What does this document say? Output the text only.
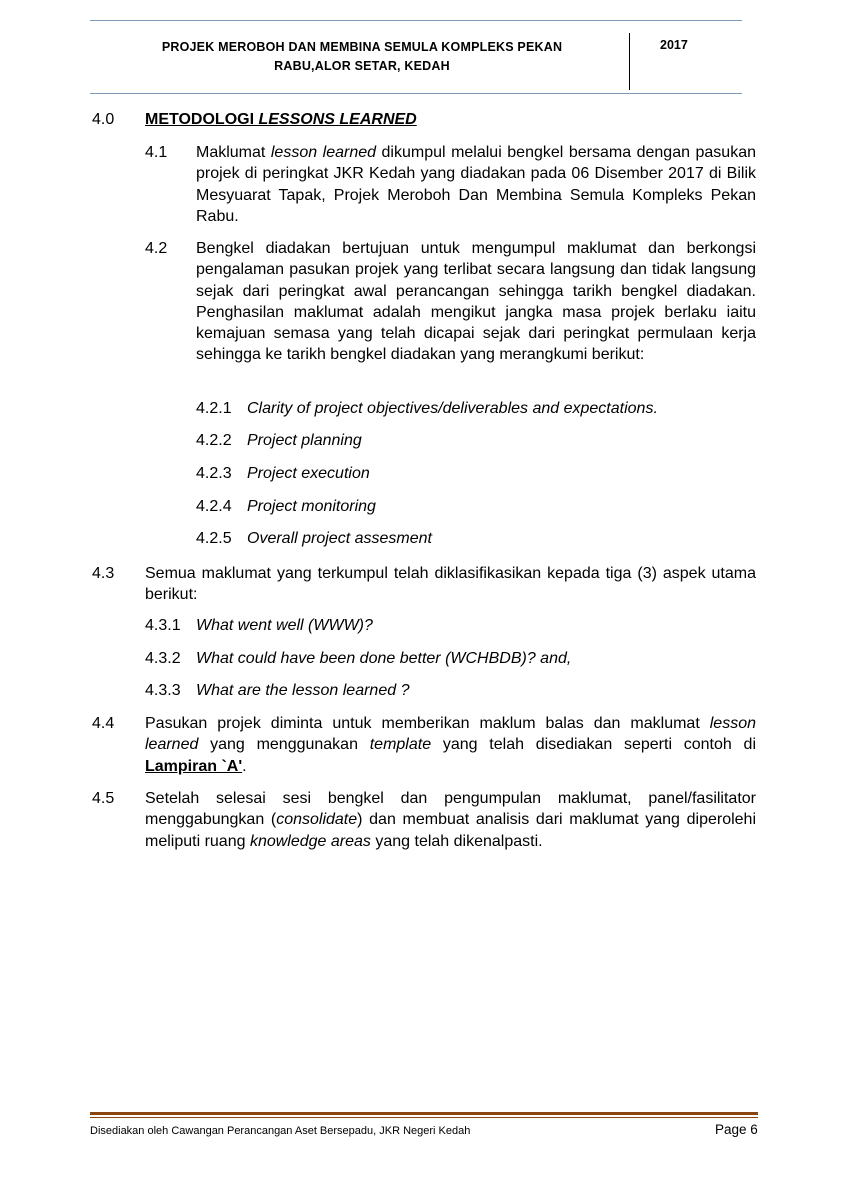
PROJEK MEROBOH DAN MEMBINA SEMULA KOMPLEKS PEKAN
RABU,ALOR SETAR, KEDAH
2017
4.0 METODOLOGI LESSONS LEARNED
4.1 Maklumat lesson learned dikumpul melalui bengkel bersama dengan pasukan projek di peringkat JKR Kedah yang diadakan pada 06 Disember 2017 di Bilik Mesyuarat Tapak, Projek Meroboh Dan Membina Semula Kompleks Pekan Rabu.
4.2 Bengkel diadakan bertujuan untuk mengumpul maklumat dan berkongsi pengalaman pasukan projek yang terlibat secara langsung dan tidak langsung sejak dari peringkat awal perancangan sehingga tarikh bengkel diadakan. Penghasilan maklumat adalah mengikut jangka masa projek berlaku iaitu kemajuan semasa yang telah dicapai sejak dari peringkat permulaan kerja sehingga ke tarikh bengkel diadakan yang merangkumi berikut:
4.2.1 Clarity of project objectives/deliverables and expectations.
4.2.2 Project planning
4.2.3 Project execution
4.2.4 Project monitoring
4.2.5 Overall project assesment
4.3 Semua maklumat yang terkumpul telah diklasifikasikan kepada tiga (3) aspek utama berikut:
4.3.1 What went well (WWW)?
4.3.2 What could have been done better (WCHBDB)? and,
4.3.3 What are the lesson learned ?
4.4 Pasukan projek diminta untuk memberikan maklum balas dan maklumat lesson learned yang menggunakan template yang telah disediakan seperti contoh di Lampiran `A'.
4.5 Setelah selesai sesi bengkel dan pengumpulan maklumat, panel/fasilitator menggabungkan (consolidate) dan membuat analisis dari maklumat yang diperolehi meliputi ruang knowledge areas yang telah dikenalpasti.
Disediakan oleh Cawangan Perancangan Aset Bersepadu, JKR Negeri Kedah	Page 6
